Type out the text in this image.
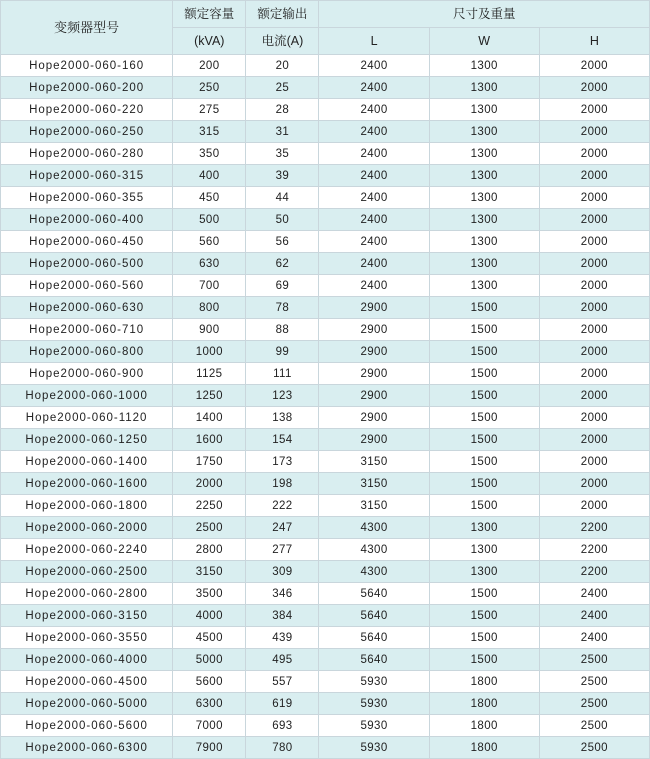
变频器型号	额定容量	额定输出	尺寸及重量		
	(kVA)	电流(A)	L	W	H
Hope2000-060-160	200	20	2400	1300	2000
Hope2000-060-200	250	25	2400	1300	2000
Hope2000-060-220	275	28	2400	1300	2000
Hope2000-060-250	315	31	2400	1300	2000
Hope2000-060-280	350	35	2400	1300	2000
Hope2000-060-315	400	39	2400	1300	2000
Hope2000-060-355	450	44	2400	1300	2000
Hope2000-060-400	500	50	2400	1300	2000
Hope2000-060-450	560	56	2400	1300	2000
Hope2000-060-500	630	62	2400	1300	2000
Hope2000-060-560	700	69	2400	1300	2000
Hope2000-060-630	800	78	2900	1500	2000
Hope2000-060-710	900	88	2900	1500	2000
Hope2000-060-800	1000	99	2900	1500	2000
Hope2000-060-900	1125	111	2900	1500	2000
Hope2000-060-1000	1250	123	2900	1500	2000
Hope2000-060-1120	1400	138	2900	1500	2000
Hope2000-060-1250	1600	154	2900	1500	2000
Hope2000-060-1400	1750	173	3150	1500	2000
Hope2000-060-1600	2000	198	3150	1500	2000
Hope2000-060-1800	2250	222	3150	1500	2000
Hope2000-060-2000	2500	247	4300	1300	2200
Hope2000-060-2240	2800	277	4300	1300	2200
Hope2000-060-2500	3150	309	4300	1300	2200
Hope2000-060-2800	3500	346	5640	1500	2400
Hope2000-060-3150	4000	384	5640	1500	2400
Hope2000-060-3550	4500	439	5640	1500	2400
Hope2000-060-4000	5000	495	5640	1500	2500
Hope2000-060-4500	5600	557	5930	1800	2500
Hope2000-060-5000	6300	619	5930	1800	2500
Hope2000-060-5600	7000	693	5930	1800	2500
Hope2000-060-6300	7900	780	5930	1800	2500
